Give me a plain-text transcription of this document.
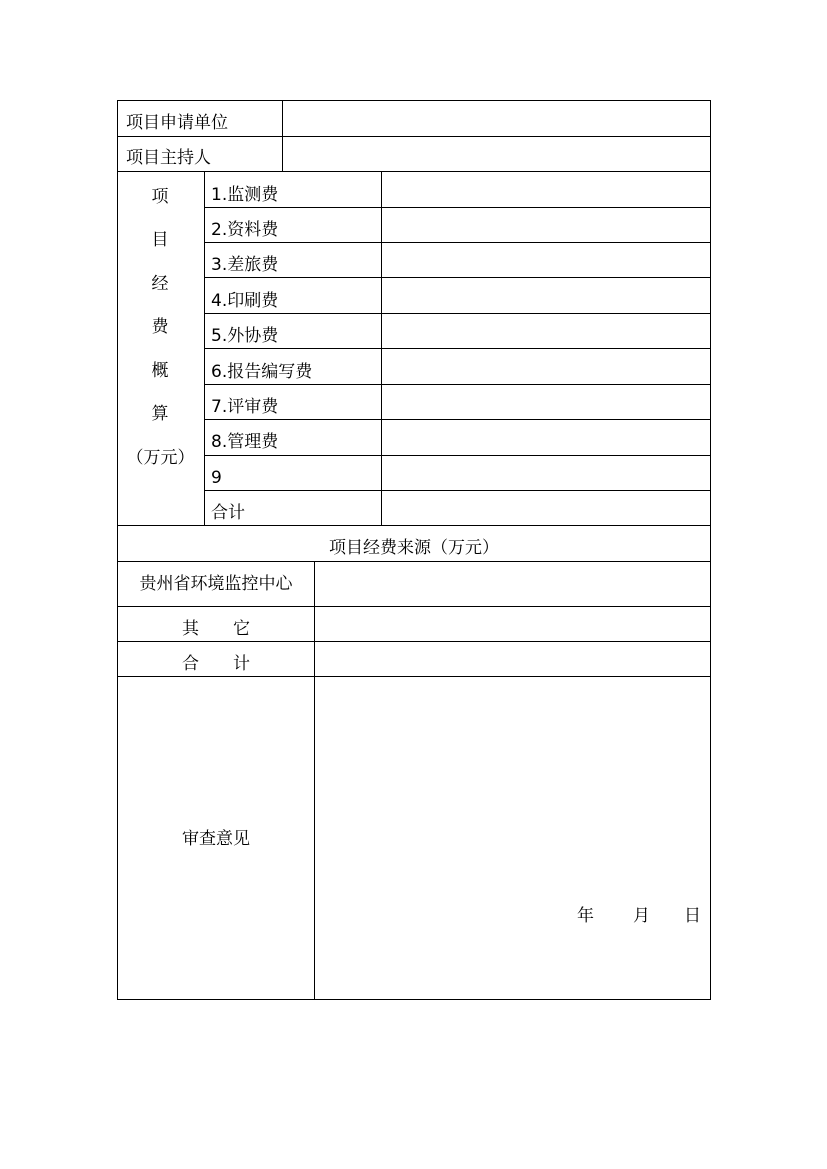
项目申请单位
项目主持人
项
目
经
费
概
算
（万元）
1.监测费
2.资料费
3.差旅费
4.印刷费
5.外协费
6.报告编写费
7.评审费
8.管理费
9
合计
项目经费来源（万元）
贵州省环境监控中心
其　　它
合　　计
审查意见
年 月 日
